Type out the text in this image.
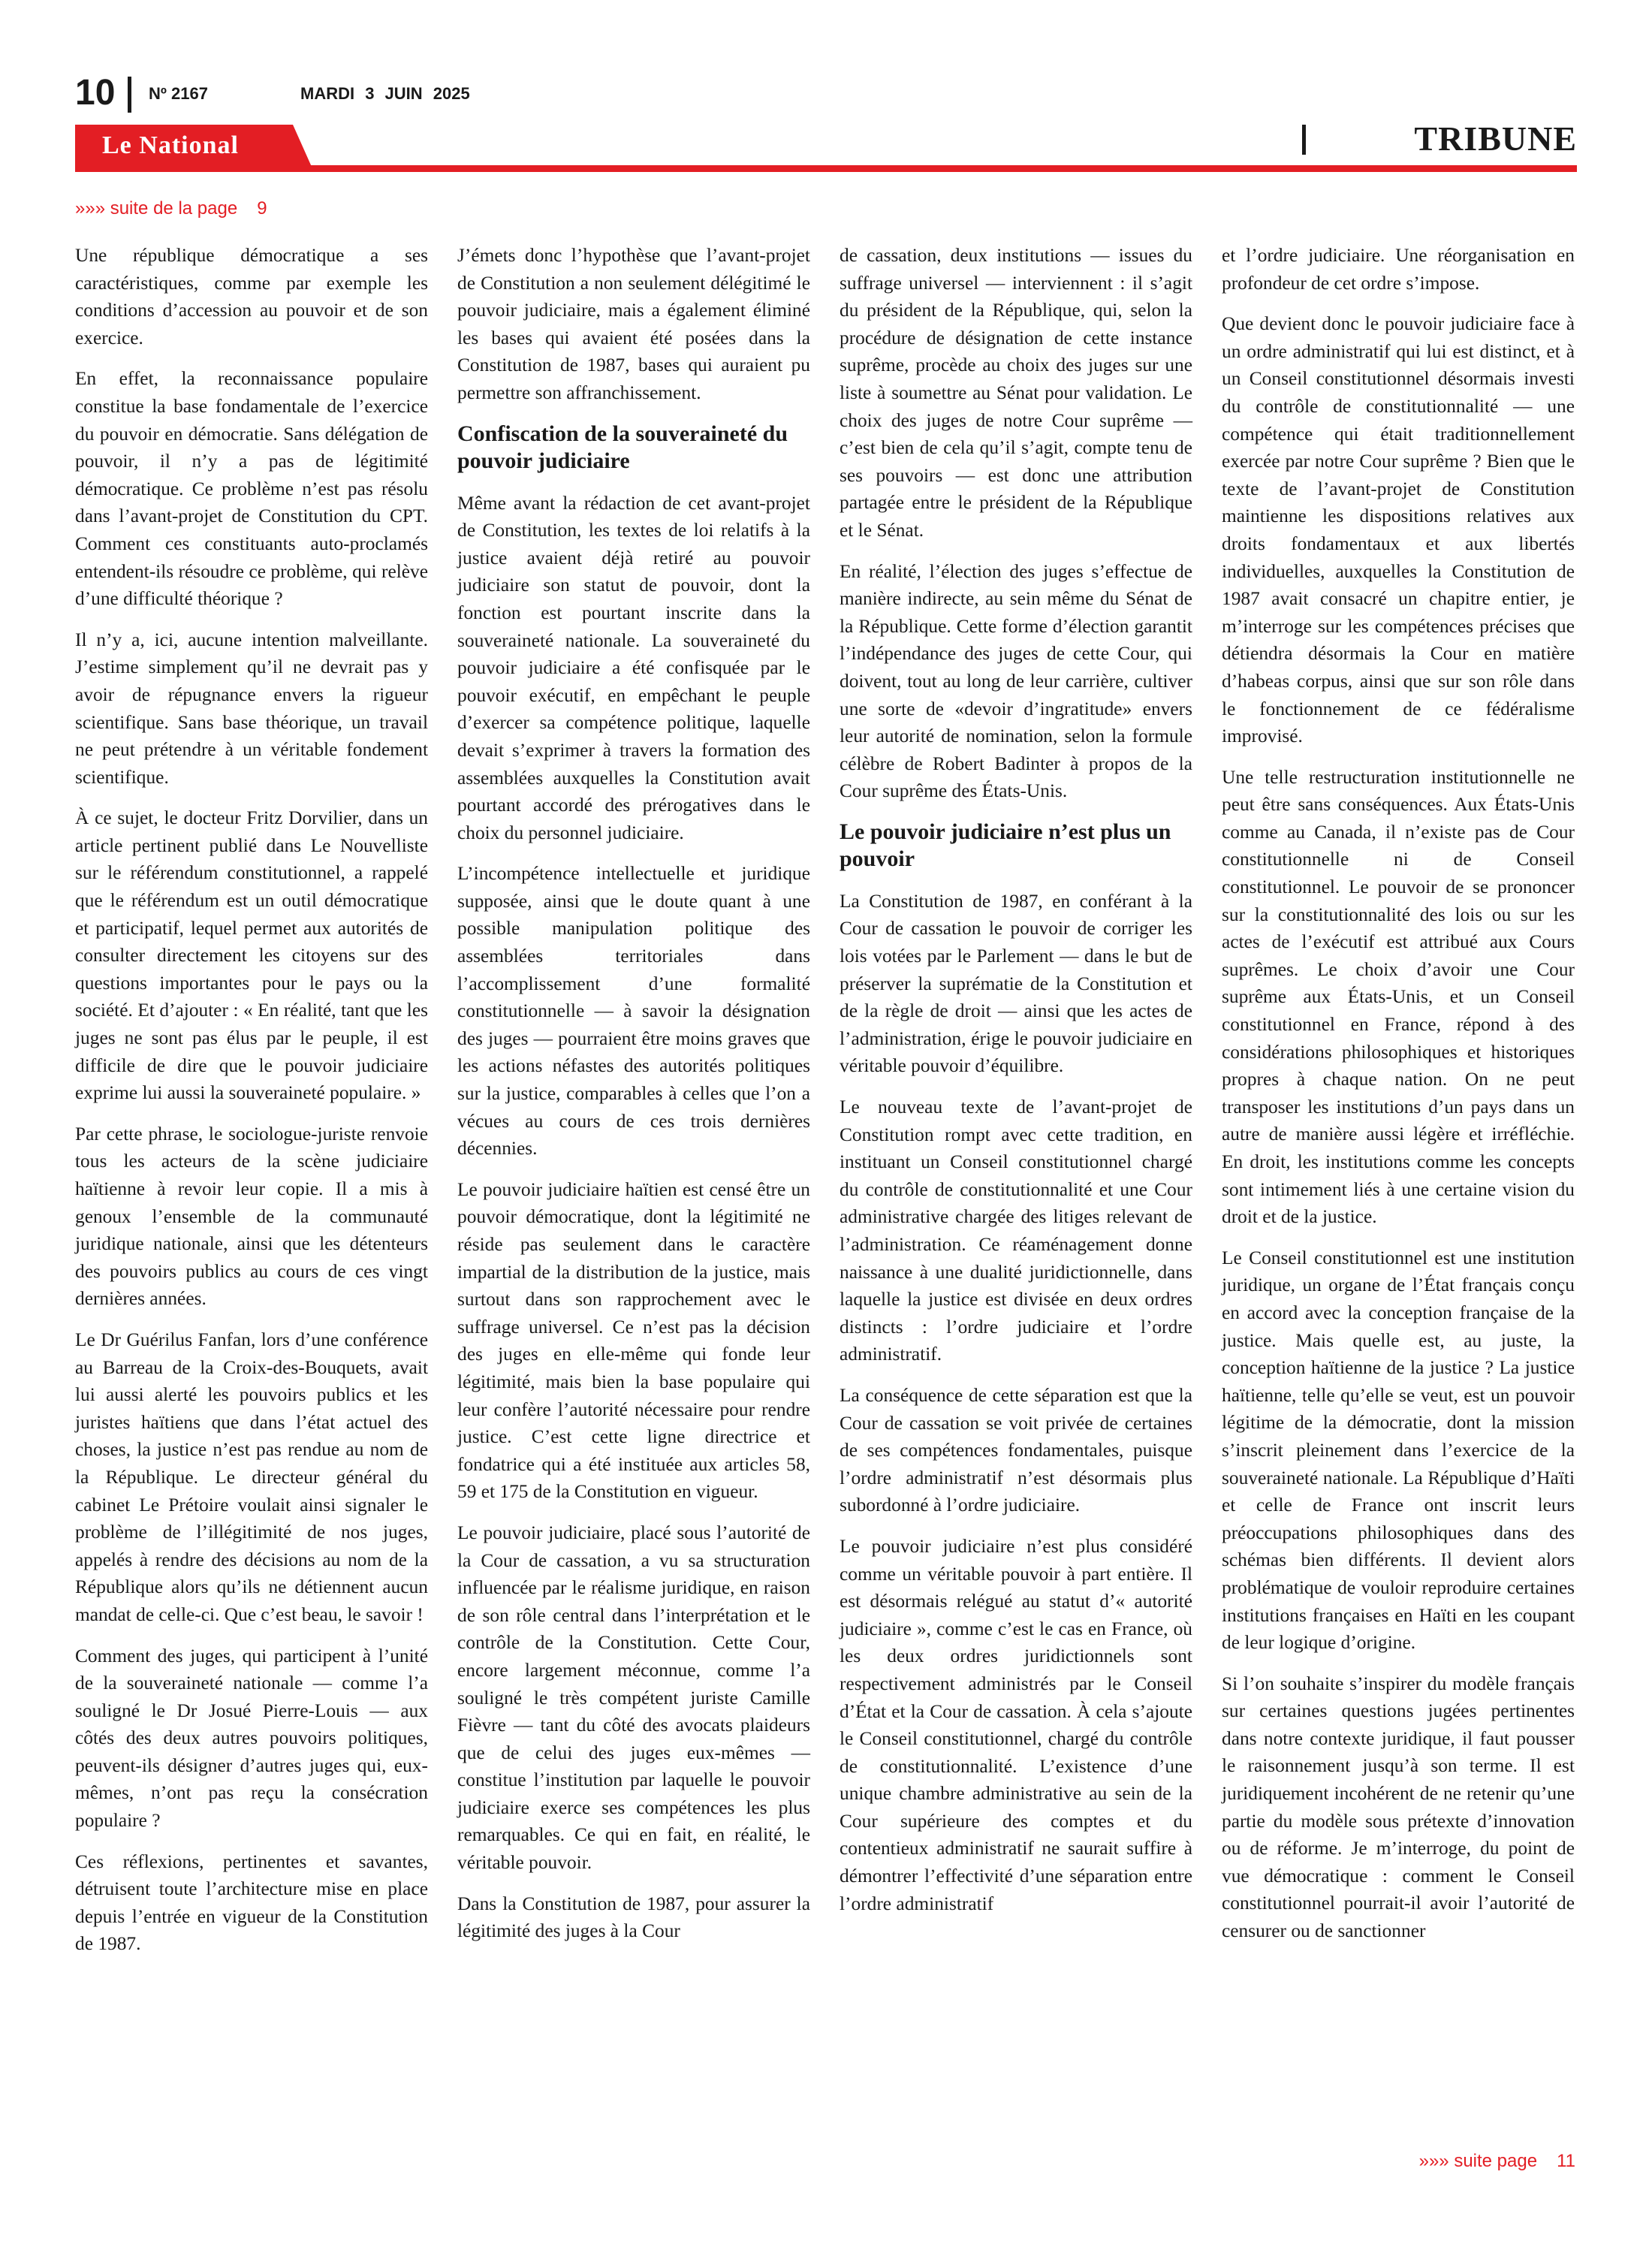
10 Nº 2167	MARDI 3 JUIN 2025
Le National	TRIBUNE
»»» suite de la page 9

Une république démocratique a ses caractéristiques, comme par exemple les conditions d’accession au pouvoir et de son exercice.

En effet, la reconnaissance populaire constitue la base fondamentale de l’exercice du pouvoir en démocratie. Sans délégation de pouvoir, il n’y a pas de légitimité démocratique. Ce problème n’est pas résolu dans l’avant-projet de Constitution du CPT. Comment ces constituants auto-proclamés entendent-ils résoudre ce problème, qui relève d’une difficulté théorique ?

Il n’y a, ici, aucune intention malveillante. J’estime simplement qu’il ne devrait pas y avoir de répugnance envers la rigueur scientifique. Sans base théorique, un travail ne peut prétendre à un véritable fondement scientifique.

À ce sujet, le docteur Fritz Dorvilier, dans un article pertinent publié dans Le Nouvelliste sur le référendum constitutionnel, a rappelé que le référendum est un outil démocratique et participatif, lequel permet aux autorités de consulter directement les citoyens sur des questions importantes pour le pays ou la société. Et d’ajouter : « En réalité, tant que les juges ne sont pas élus par le peuple, il est difficile de dire que le pouvoir judiciaire exprime lui aussi la souveraineté populaire. »

Par cette phrase, le sociologue-juriste renvoie tous les acteurs de la scène judiciaire haïtienne à revoir leur copie. Il a mis à genoux l’ensemble de la communauté juridique nationale, ainsi que les détenteurs des pouvoirs publics au cours de ces vingt dernières années.

Le Dr Guérilus Fanfan, lors d’une conférence au Barreau de la Croix-des-Bouquets, avait lui aussi alerté les pouvoirs publics et les juristes haïtiens que dans l’état actuel des choses, la justice n’est pas rendue au nom de la République. Le directeur général du cabinet Le Prétoire voulait ainsi signaler le problème de l’illégitimité de nos juges, appelés à rendre des décisions au nom de la République alors qu’ils ne détiennent aucun mandat de celle-ci. Que c’est beau, le savoir !

Comment des juges, qui participent à l’unité de la souveraineté nationale — comme l’a souligné le Dr Josué Pierre-Louis — aux côtés des deux autres pouvoirs politiques, peuvent-ils désigner d’autres juges qui, eux-mêmes, n’ont pas reçu la consécration populaire ?

Ces réflexions, pertinentes et savantes, détruisent toute l’architecture mise en place depuis l’entrée en vigueur de la Constitution de 1987.

J’émets donc l’hypothèse que l’avant-projet de Constitution a non seulement délégitimé le pouvoir judiciaire, mais a également éliminé les bases qui avaient été posées dans la Constitution de 1987, bases qui auraient pu permettre son affranchissement.

Confiscation de la souveraineté du pouvoir judiciaire

Même avant la rédaction de cet avant-projet de Constitution, les textes de loi relatifs à la justice avaient déjà retiré au pouvoir judiciaire son statut de pouvoir, dont la fonction est pourtant inscrite dans la souveraineté nationale. La souveraineté du pouvoir judiciaire a été confisquée par le pouvoir exécutif, en empêchant le peuple d’exercer sa compétence politique, laquelle devait s’exprimer à travers la formation des assemblées auxquelles la Constitution avait pourtant accordé des prérogatives dans le choix du personnel judiciaire.

L’incompétence intellectuelle et juridique supposée, ainsi que le doute quant à une possible manipulation politique des assemblées territoriales dans l’accomplissement d’une formalité constitutionnelle — à savoir la désignation des juges — pourraient être moins graves que les actions néfastes des autorités politiques sur la justice, comparables à celles que l’on a vécues au cours de ces trois dernières décennies.

Le pouvoir judiciaire haïtien est censé être un pouvoir démocratique, dont la légitimité ne réside pas seulement dans le caractère impartial de la distribution de la justice, mais surtout dans son rapprochement avec le suffrage universel. Ce n’est pas la décision des juges en elle-même qui fonde leur légitimité, mais bien la base populaire qui leur confère l’autorité nécessaire pour rendre justice. C’est cette ligne directrice et fondatrice qui a été instituée aux articles 58, 59 et 175 de la Constitution en vigueur.

Le pouvoir judiciaire, placé sous l’autorité de la Cour de cassation, a vu sa structuration influencée par le réalisme juridique, en raison de son rôle central dans l’interprétation et le contrôle de la Constitution. Cette Cour, encore largement méconnue, comme l’a souligné le très compétent juriste Camille Fièvre — tant du côté des avocats plaideurs que de celui des juges eux-mêmes — constitue l’institution par laquelle le pouvoir judiciaire exerce ses compétences les plus remarquables. Ce qui en fait, en réalité, le véritable pouvoir.

Dans la Constitution de 1987, pour assurer la légitimité des juges à la Cour

de cassation, deux institutions — issues du suffrage universel — interviennent : il s’agit du président de la République, qui, selon la procédure de désignation de cette instance suprême, procède au choix des juges sur une liste à soumettre au Sénat pour validation. Le choix des juges de notre Cour suprême — c’est bien de cela qu’il s’agit, compte tenu de ses pouvoirs — est donc une attribution partagée entre le président de la République et le Sénat.

En réalité, l’élection des juges s’effectue de manière indirecte, au sein même du Sénat de la République. Cette forme d’élection garantit l’indépendance des juges de cette Cour, qui doivent, tout au long de leur carrière, cultiver une sorte de «devoir d’ingratitude» envers leur autorité de nomination, selon la formule célèbre de Robert Badinter à propos de la Cour suprême des États-Unis.

Le pouvoir judiciaire n’est plus un pouvoir

La Constitution de 1987, en conférant à la Cour de cassation le pouvoir de corriger les lois votées par le Parlement — dans le but de préserver la suprématie de la Constitution et de la règle de droit — ainsi que les actes de l’administration, érige le pouvoir judiciaire en véritable pouvoir d’équilibre.

Le nouveau texte de l’avant-projet de Constitution rompt avec cette tradition, en instituant un Conseil constitutionnel chargé du contrôle de constitutionnalité et une Cour administrative chargée des litiges relevant de l’administration. Ce réaménagement donne naissance à une dualité juridictionnelle, dans laquelle la justice est divisée en deux ordres distincts : l’ordre judiciaire et l’ordre administratif.

La conséquence de cette séparation est que la Cour de cassation se voit privée de certaines de ses compétences fondamentales, puisque l’ordre administratif n’est désormais plus subordonné à l’ordre judiciaire.

Le pouvoir judiciaire n’est plus considéré comme un véritable pouvoir à part entière. Il est désormais relégué au statut d’« autorité judiciaire », comme c’est le cas en France, où les deux ordres juridictionnels sont respectivement administrés par le Conseil d’État et la Cour de cassation. À cela s’ajoute le Conseil constitutionnel, chargé du contrôle de constitutionnalité. L’existence d’une unique chambre administrative au sein de la Cour supérieure des comptes et du contentieux administratif ne saurait suffire à démontrer l’effectivité d’une séparation entre l’ordre administratif

et l’ordre judiciaire. Une réorganisation en profondeur de cet ordre s’impose.

Que devient donc le pouvoir judiciaire face à un ordre administratif qui lui est distinct, et à un Conseil constitutionnel désormais investi du contrôle de constitutionnalité — une compétence qui était traditionnellement exercée par notre Cour suprême ? Bien que le texte de l’avant-projet de Constitution maintienne les dispositions relatives aux droits fondamentaux et aux libertés individuelles, auxquelles la Constitution de 1987 avait consacré un chapitre entier, je m’interroge sur les compétences précises que détiendra désormais la Cour en matière d’habeas corpus, ainsi que sur son rôle dans le fonctionnement de ce fédéralisme improvisé.

Une telle restructuration institutionnelle ne peut être sans conséquences. Aux États-Unis comme au Canada, il n’existe pas de Cour constitutionnelle ni de Conseil constitutionnel. Le pouvoir de se prononcer sur la constitutionnalité des lois ou sur les actes de l’exécutif est attribué aux Cours suprêmes. Le choix d’avoir une Cour suprême aux États-Unis, et un Conseil constitutionnel en France, répond à des considérations philosophiques et historiques propres à chaque nation. On ne peut transposer les institutions d’un pays dans un autre de manière aussi légère et irréfléchie. En droit, les institutions comme les concepts sont intimement liés à une certaine vision du droit et de la justice.

Le Conseil constitutionnel est une institution juridique, un organe de l’État français conçu en accord avec la conception française de la justice. Mais quelle est, au juste, la conception haïtienne de la justice ? La justice haïtienne, telle qu’elle se veut, est un pouvoir légitime de la démocratie, dont la mission s’inscrit pleinement dans l’exercice de la souveraineté nationale. La République d’Haïti et celle de France ont inscrit leurs préoccupations philosophiques dans des schémas bien différents. Il devient alors problématique de vouloir reproduire certaines institutions françaises en Haïti en les coupant de leur logique d’origine.

Si l’on souhaite s’inspirer du modèle français sur certaines questions jugées pertinentes dans notre contexte juridique, il faut pousser le raisonnement jusqu’à son terme. Il est juridiquement incohérent de ne retenir qu’une partie du modèle sous prétexte d’innovation ou de réforme. Je m’interroge, du point de vue démocratique : comment le Conseil constitutionnel pourrait-il avoir l’autorité de censurer ou de sanctionner

»»» suite page 11
